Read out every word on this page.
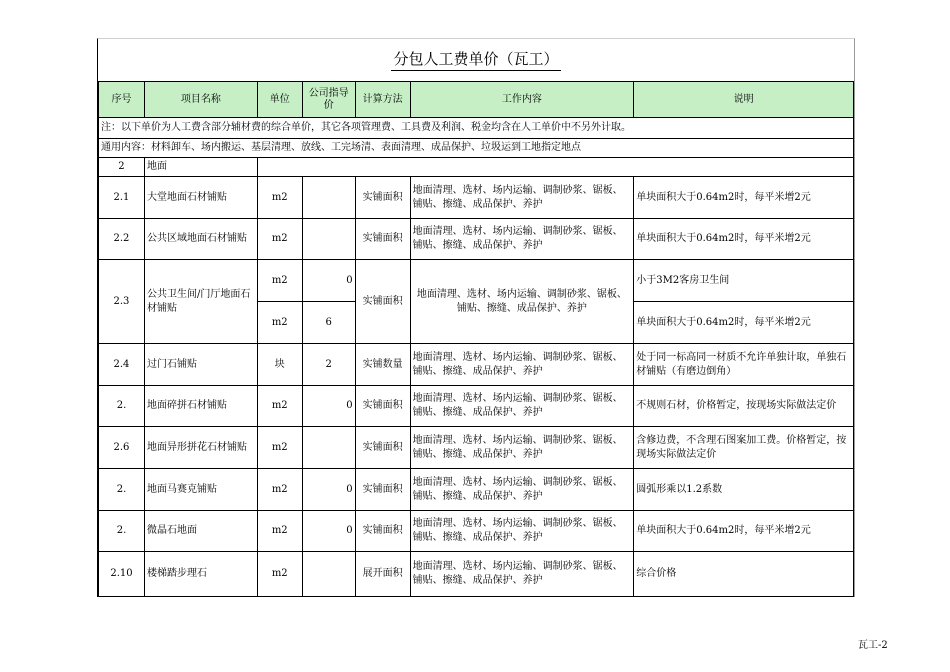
分包人工费单价（瓦工）
序号	项目名称	单位	公司指导价	计算方法	工作内容	说明
注：以下单价为人工费含部分辅材费的综合单价，其它各项管理费、工具费及利润、税金均含在人工单价中不另外计取。						
通用内容：材料卸车、场内搬运、基层清理、放线、工完场清、表面清理、成品保护、垃圾运到工地指定地点						
2	地面					
2.1	大堂地面石材铺贴	m2		实铺面积	地面清理、选材、场内运输、调制砂浆、锯板、铺贴、擦缝、成品保护、养护	单块面积大于0.64m2时，每平米增2元
2.2	公共区域地面石材铺贴	m2		实铺面积	地面清理、选材、场内运输、调制砂浆、锯板、铺贴、擦缝、成品保护、养护	单块面积大于0.64m2时，每平米增2元
2.3	公共卫生间/门厅地面石材铺贴	m2	0	实铺面积	地面清理、选材、场内运输、调制砂浆、锯板、铺贴、擦缝、成品保护、养护	小于3M2客房卫生间
		m2	6			单块面积大于0.64m2时，每平米增2元
2.4	过门石铺贴	块	2	实铺数量	地面清理、选材、场内运输、调制砂浆、锯板、铺贴、擦缝、成品保护、养护	处于同一标高同一材质不允许单独计取，单独石材铺贴（有磨边倒角）
2.	地面碎拼石材铺贴	m2	0	实铺面积	地面清理、选材、场内运输、调制砂浆、锯板、铺贴、擦缝、成品保护、养护	不规则石材，价格暂定，按现场实际做法定价
2.6	地面异形拼花石材铺贴	m2		实铺面积	地面清理、选材、场内运输、调制砂浆、锯板、铺贴、擦缝、成品保护、养护	含修边费，不含理石图案加工费。价格暂定，按现场实际做法定价
2.	地面马赛克铺贴	m2	0	实铺面积	地面清理、选材、场内运输、调制砂浆、锯板、铺贴、擦缝、成品保护、养护	圆弧形乘以1.2系数
2.	微晶石地面	m2	0	实铺面积	地面清理、选材、场内运输、调制砂浆、锯板、铺贴、擦缝、成品保护、养护	单块面积大于0.64m2时，每平米增2元
2.10	楼梯踏步理石	m2		展开面积	地面清理、选材、场内运输、调制砂浆、锯板、铺贴、擦缝、成品保护、养护	综合价格
瓦工-2
